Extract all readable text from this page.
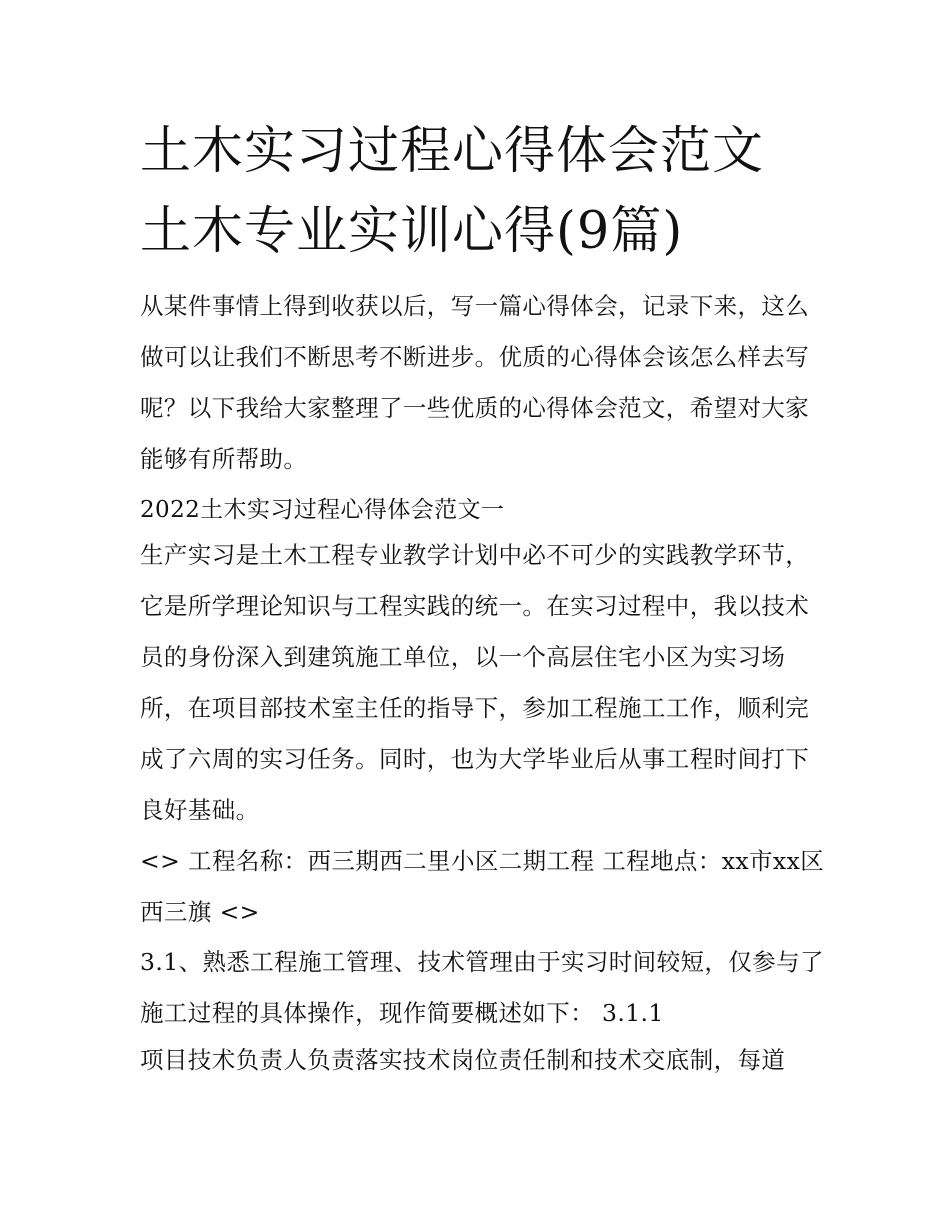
土木实习过程心得体会范文 土木专业实训心得(9篇)

从某件事情上得到收获以后，写一篇心得体会，记录下来，这么做可以让我们不断思考不断进步。优质的心得体会该怎么样去写呢？以下我给大家整理了一些优质的心得体会范文，希望对大家能够有所帮助。

2022土木实习过程心得体会范文一

生产实习是土木工程专业教学计划中必不可少的实践教学环节，它是所学理论知识与工程实践的统一。在实习过程中，我以技术员的身份深入到建筑施工单位，以一个高层住宅小区为实习场所，在项目部技术室主任的指导下，参加工程施工工作，顺利完成了六周的实习任务。同时，也为大学毕业后从事工程时间打下良好基础。

<> 工程名称：西三期西二里小区二期工程 工程地点：xx市xx区西三旗 <>

3.1、熟悉工程施工管理、技术管理由于实习时间较短，仅参与了施工过程的具体操作，现作简要概述如下： 3.1.1

项目技术负责人负责落实技术岗位责任制和技术交底制，每道
